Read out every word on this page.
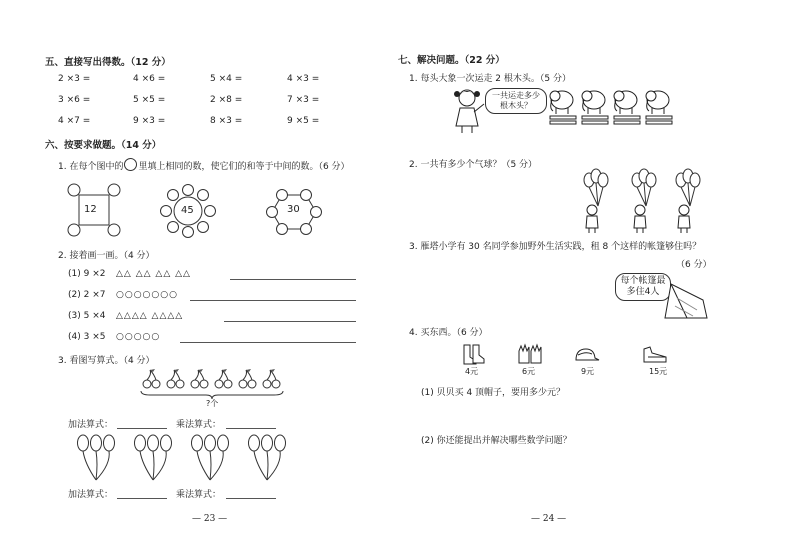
五、直接写出得数。（12 分）
2 ×3 =	4 ×6 =	5 ×4 =	4 ×3 =
3 ×6 =	5 ×5 =	2 ×8 =	7 ×3 =
4 ×7 =	9 ×3 =	8 ×3 =	9 ×5 =
六、按要求做题。（14 分）
1. 在每个图中的 里填上相同的数，使它们的和等于中间的数。（6 分）
12	45	30
2. 接着画一画。（4 分）
(1) 9 ×2 △△ △△ △△ △△
(2) 2 ×7 ○○○○○○○
(3) 5 ×4 △△△△ △△△△
(4) 3 ×5 ○○○○○
3. 看图写算式。（4 分）
?个
加法算式：	乘法算式：
加法算式：	乘法算式：
— 23 —
七、解决问题。（22 分）
1. 每头大象一次运走 2 根木头。（5 分）
一共运走多少根木头？
2. 一共有多少个气球？（5 分）
3. 雁塔小学有 30 名同学参加野外生活实践，租 8 个这样的帐篷够住吗？
（6 分）
每个帐篷最多住4人
4. 买东西。（6 分）
4元	6元	9元	15元
(1) 贝贝买 4 顶帽子，要用多少元？
(2) 你还能提出并解决哪些数学问题？
— 24 —
